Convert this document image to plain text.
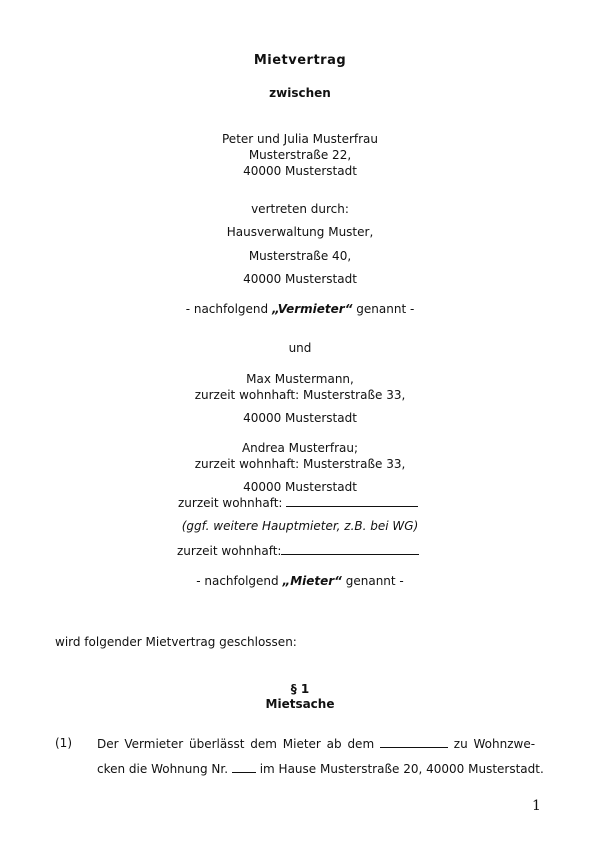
Mietvertrag
zwischen
Peter und Julia Musterfrau
Musterstraße 22,
40000 Musterstadt
vertreten durch:
Hausverwaltung Muster,
Musterstraße 40,
40000 Musterstadt
- nachfolgend „Vermieter“ genannt -
und
Max Mustermann,
zurzeit wohnhaft: Musterstraße 33,
40000 Musterstadt
Andrea Musterfrau;
zurzeit wohnhaft: Musterstraße 33,
40000 Musterstadt
zurzeit wohnhaft:
(ggf. weitere Hauptmieter, z.B. bei WG)
zurzeit wohnhaft:
- nachfolgend „Mieter“ genannt -
wird folgender Mietvertrag geschlossen:
§ 1
Mietsache
(1) Der Vermieter überlässt dem Mieter ab dem	zu Wohnzwe-
cken die Wohnung Nr.	im Hause Musterstraße 20, 40000 Musterstadt.
1
